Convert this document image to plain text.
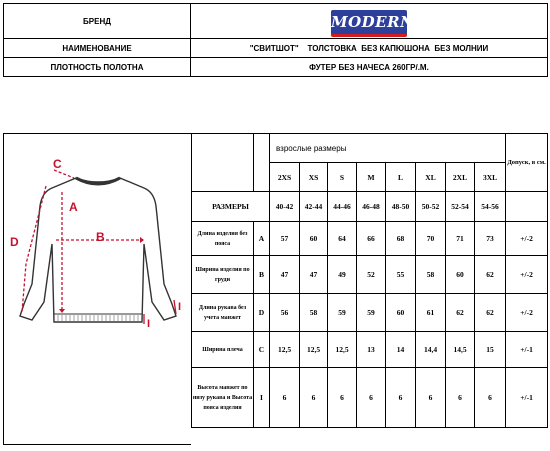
БРЕНД	MODERN
НАИМЕНОВАНИЕ	"СВИТШОТ"    ТОЛСТОВКА  БЕЗ КАПЮШОНА  БЕЗ МОЛНИИ
ПЛОТНОСТЬ ПОЛОТНА	ФУТЕР БЕЗ НАЧЕСА 260ГР/.М.
C
A
B
D
I
I
		взрослые размеры								Допуск, в см.
		2XS	XS	S	M	L	XL	2XL	3XL	
РАЗМЕРЫ		40-42	42-44	44-46	46-48	48-50	50-52	52-54	54-56	
Длина изделия без пояса	A	57	60	64	66	68	70	71	73	+/-2
Ширина изделия по груди	B	47	47	49	52	55	58	60	62	+/-2
Длина рукава без учета манжет	D	56	58	59	59	60	61	62	62	+/-2
Ширина плеча	C	12,5	12,5	12,5	13	14	14,4	14,5	15	+/-1
Высота манжет по низу рукава и Высота пояса изделия	I	6	6	6	6	6	6	6	6	+/-1
